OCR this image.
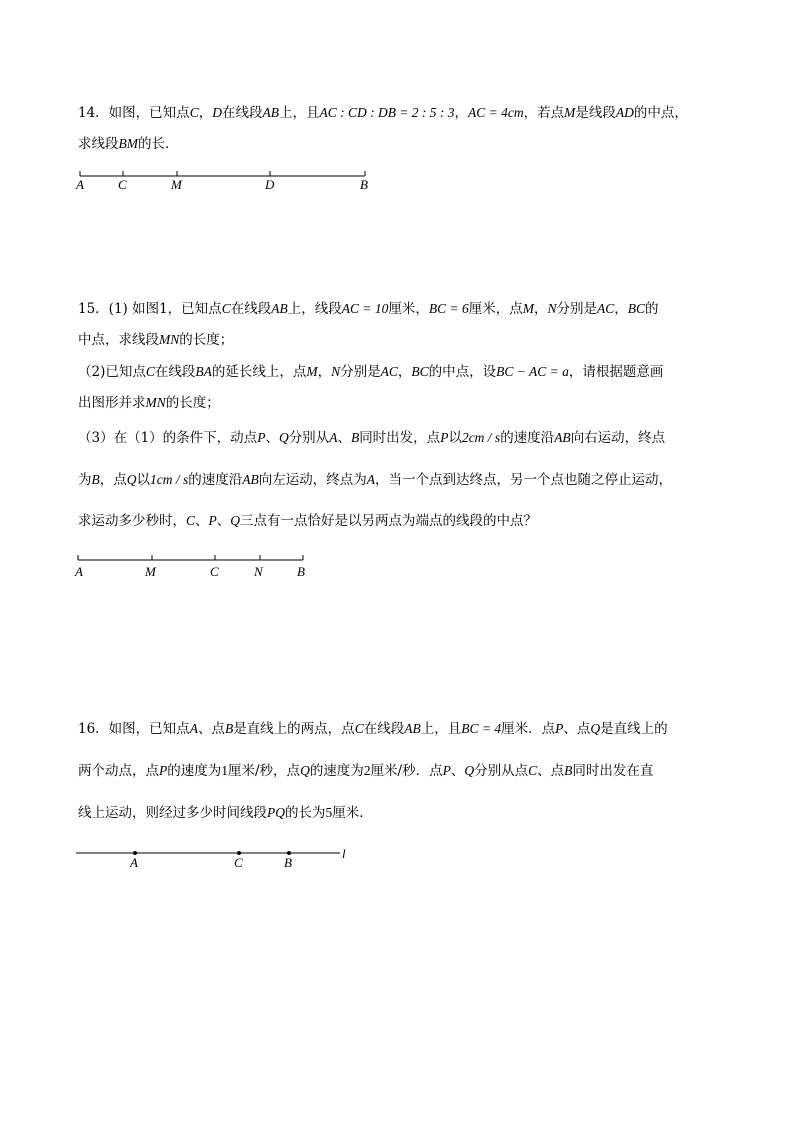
14．如图，已知点C，D在线段AB上，且AC : CD : DB = 2 : 5 : 3，AC = 4cm，若点M是线段AD的中点，
求线段BM的长．
A	C	M	D	B
15．(1) 如图1，已知点C在线段AB上，线段AC = 10厘米，BC = 6厘米，点M，N分别是AC，BC的
中点，求线段MN的长度；
（2)已知点C在线段BA的延长线上，点M，N分别是AC，BC的中点，设BC − AC = a，请根据题意画
出图形并求MN的长度；
（3）在（1）的条件下，动点P、Q分别从A、B同时出发，点P以2cm / s的速度沿AB向右运动，终点
为B，点Q以1cm / s的速度沿AB向左运动，终点为A，当一个点到达终点，另一个点也随之停止运动，
求运动多少秒时，C、P、Q三点有一点恰好是以另两点为端点的线段的中点？
A	M	C	N	B
16．如图，已知点A、点B是直线上的两点，点C在线段AB上，且BC = 4厘米．点P、点Q是直线上的
两个动点，点P的速度为1厘米/秒，点Q的速度为2厘米/秒．点P、Q分别从点C、点B同时出发在直
线上运动，则经过多少时间线段PQ的长为5厘米．
A	C	B
l
